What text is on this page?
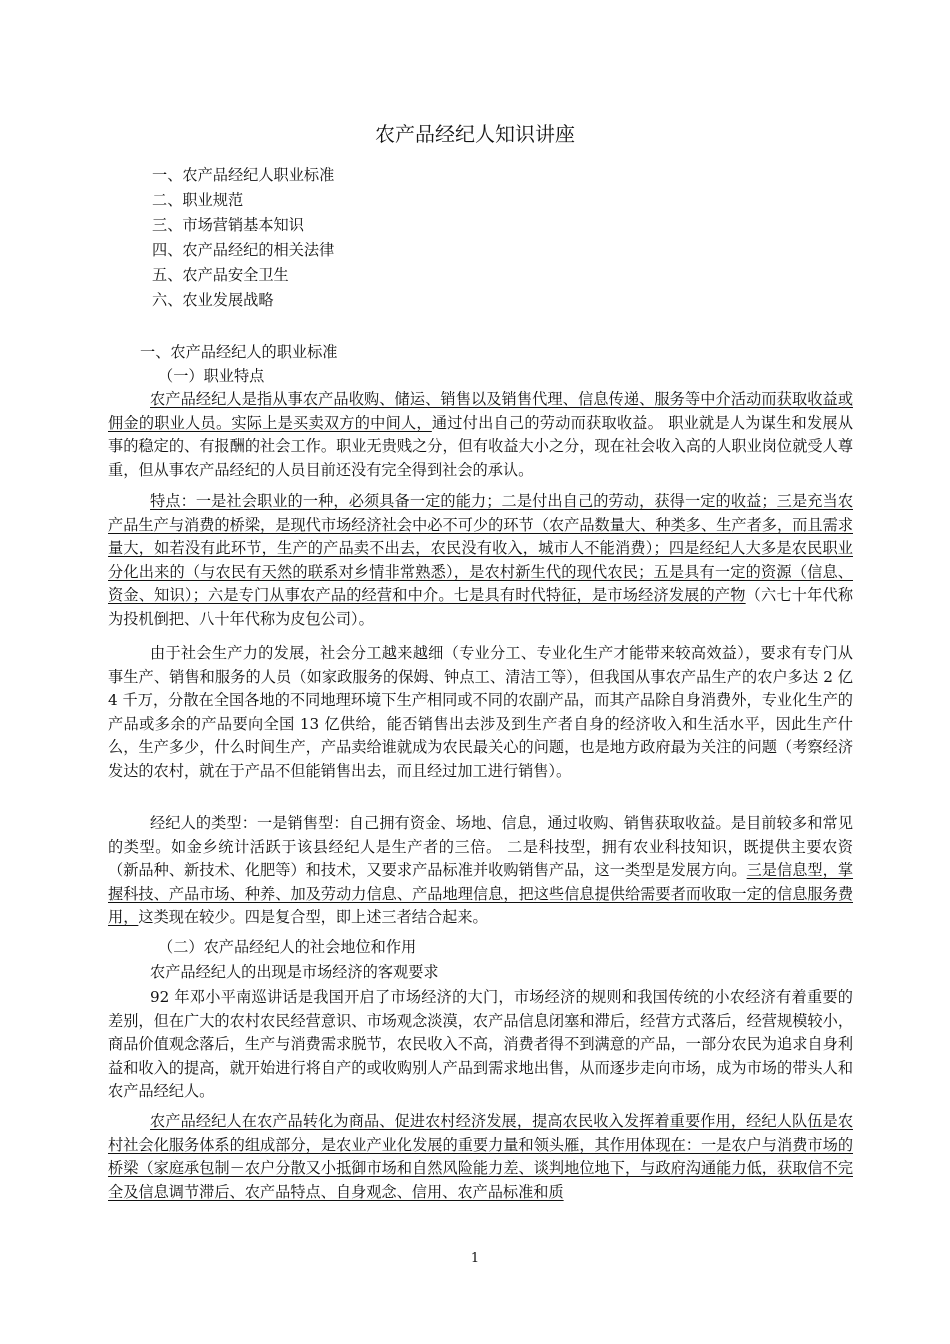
农产品经纪人知识讲座
一、农产品经纪人职业标准
二、职业规范
三、市场营销基本知识
四、农产品经纪的相关法律
五、农产品安全卫生
六、农业发展战略
一、农产品经纪人的职业标准
（一）职业特点
农产品经纪人是指从事农产品收购、储运、销售以及销售代理、信息传递、服务等中介活动而获取收益或佣金的职业人员。实际上是买卖双方的中间人，通过付出自己的劳动而获取收益。 职业就是人为谋生和发展从事的稳定的、有报酬的社会工作。职业无贵贱之分，但有收益大小之分，现在社会收入高的人职业岗位就受人尊重，但从事农产品经纪的人员目前还没有完全得到社会的承认。
特点：一是社会职业的一种，必须具备一定的能力；二是付出自己的劳动，获得一定的收益；三是充当农产品生产与消费的桥梁，是现代市场经济社会中必不可少的环节（农产品数量大、种类多、生产者多，而且需求量大，如若没有此环节，生产的产品卖不出去，农民没有收入，城市人不能消费）；四是经纪人大多是农民职业分化出来的（与农民有天然的联系对乡情非常熟悉），是农村新生代的现代农民；五是具有一定的资源（信息、资金、知识）；六是专门从事农产品的经营和中介。七是具有时代特征，是市场经济发展的产物（六七十年代称为投机倒把、八十年代称为皮包公司）。
由于社会生产力的发展，社会分工越来越细（专业分工、专业化生产才能带来较高效益），要求有专门从事生产、销售和服务的人员（如家政服务的保姆、钟点工、清洁工等），但我国从事农产品生产的农户多达 2 亿 4 千万，分散在全国各地的不同地理环境下生产相同或不同的农副产品，而其产品除自身消费外，专业化生产的产品或多余的产品要向全国 13 亿供给，能否销售出去涉及到生产者自身的经济收入和生活水平，因此生产什么，生产多少，什么时间生产，产品卖给谁就成为农民最关心的问题，也是地方政府最为关注的问题（考察经济发达的农村，就在于产品不但能销售出去，而且经过加工进行销售）。
经纪人的类型：一是销售型：自己拥有资金、场地、信息，通过收购、销售获取收益。是目前较多和常见的类型。如金乡统计活跃于该县经纪人是生产者的三倍。 二是科技型，拥有农业科技知识，既提供主要农资（新品种、新技术、化肥等）和技术，又要求产品标准并收购销售产品，这一类型是发展方向。三是信息型，掌握科技、产品市场、种养、加及劳动力信息、产品地理信息，把这些信息提供给需要者而收取一定的信息服务费用，这类现在较少。四是复合型，即上述三者结合起来。
（二）农产品经纪人的社会地位和作用
农产品经纪人的出现是市场经济的客观要求
92 年邓小平南巡讲话是我国开启了市场经济的大门，市场经济的规则和我国传统的小农经济有着重要的差别，但在广大的农村农民经营意识、市场观念淡漠，农产品信息闭塞和滞后，经营方式落后，经营规模较小，商品价值观念落后，生产与消费需求脱节，农民收入不高，消费者得不到满意的产品，一部分农民为追求自身利益和收入的提高，就开始进行将自产的或收购别人产品到需求地出售，从而逐步走向市场，成为市场的带头人和农产品经纪人。
农产品经纪人在农产品转化为商品、促进农村经济发展，提高农民收入发挥着重要作用，经纪人队伍是农村社会化服务体系的组成部分，是农业产业化发展的重要力量和领头雁，其作用体现在：一是农户与消费市场的桥梁（家庭承包制－农户分散又小抵御市场和自然风险能力差、谈判地位地下，与政府沟通能力低，获取信不完全及信息调节滞后、农产品特点、自身观念、信用、农产品标准和质
1
